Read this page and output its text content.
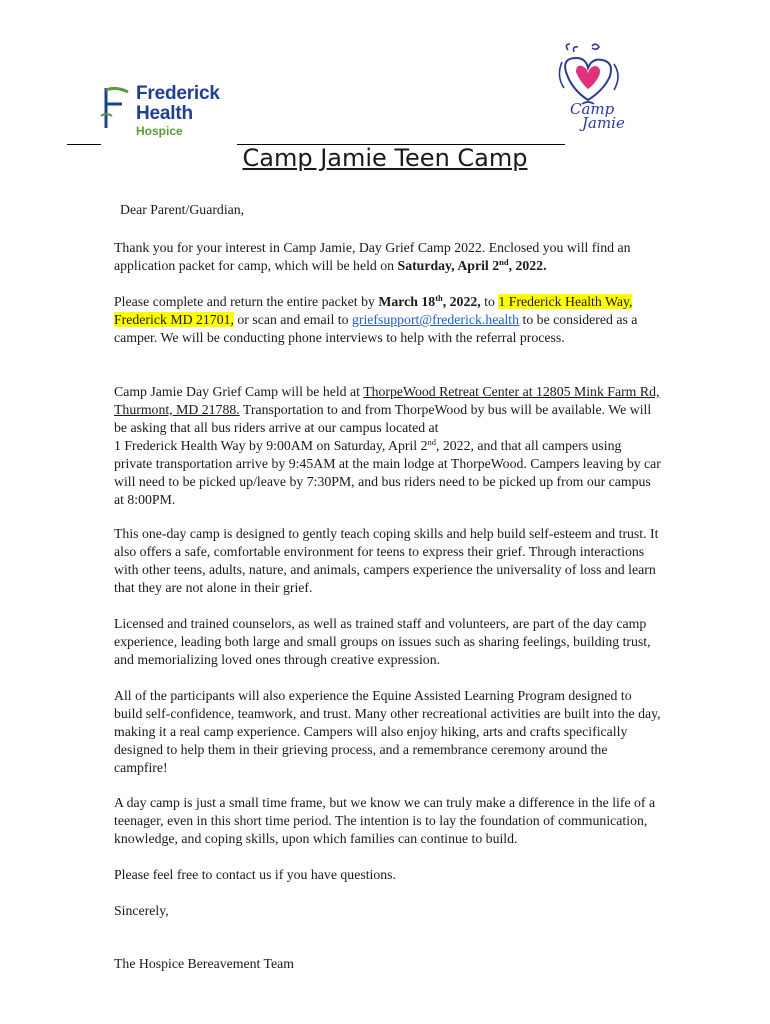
Frederick
Health
Hospice
Camp
Jamie
Camp Jamie Teen Camp

Dear Parent/Guardian,

Thank you for your interest in Camp Jamie, Day Grief Camp 2022. Enclosed you will find an application packet for camp, which will be held on Saturday, April 2nd, 2022.

Please complete and return the entire packet by March 18th, 2022, to 1 Frederick Health Way, Frederick MD 21701, or scan and email to griefsupport@frederick.health to be considered as a camper. We will be conducting phone interviews to help with the referral process.

Camp Jamie Day Grief Camp will be held at ThorpeWood Retreat Center at 12805 Mink Farm Rd, Thurmont, MD 21788. Transportation to and from ThorpeWood by bus will be available. We will be asking that all bus riders arrive at our campus located at
1 Frederick Health Way by 9:00AM on Saturday, April 2nd, 2022, and that all campers using private transportation arrive by 9:45AM at the main lodge at ThorpeWood. Campers leaving by car will need to be picked up/leave by 7:30PM, and bus riders need to be picked up from our campus at 8:00PM.

This one-day camp is designed to gently teach coping skills and help build self-esteem and trust. It also offers a safe, comfortable environment for teens to express their grief. Through interactions with other teens, adults, nature, and animals, campers experience the universality of loss and learn that they are not alone in their grief.

Licensed and trained counselors, as well as trained staff and volunteers, are part of the day camp experience, leading both large and small groups on issues such as sharing feelings, building trust, and memorializing loved ones through creative expression.

All of the participants will also experience the Equine Assisted Learning Program designed to build self-confidence, teamwork, and trust. Many other recreational activities are built into the day, making it a real camp experience. Campers will also enjoy hiking, arts and crafts specifically designed to help them in their grieving process, and a remembrance ceremony around the campfire!

A day camp is just a small time frame, but we know we can truly make a difference in the life of a teenager, even in this short time period. The intention is to lay the foundation of communication, knowledge, and coping skills, upon which families can continue to build.

Please feel free to contact us if you have questions.

Sincerely,

The Hospice Bereavement Team
